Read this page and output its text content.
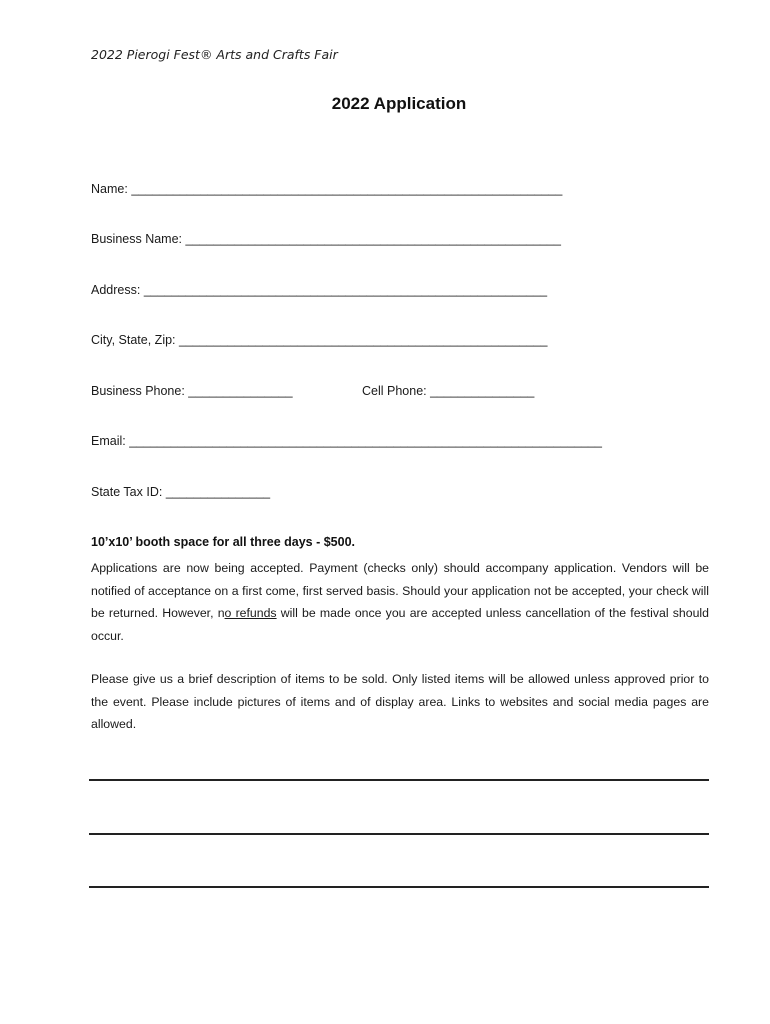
2022 Pierogi Fest® Arts and Crafts Fair
2022 Application
Name: ______________________________________________________________
Business Name: ______________________________________________________
Address: __________________________________________________________
City, State, Zip: _____________________________________________________
Business Phone: _______________	Cell Phone: _______________
Email: ____________________________________________________________________
State Tax ID: _______________
10’x10’ booth space for all three days - $500.
Applications are now being accepted. Payment (checks only) should accompany application. Vendors will be notified of acceptance on a first come, first served basis. Should your application not be accepted, your check will be returned. However, no refunds will be made once you are accepted unless cancellation of the festival should occur.
Please give us a brief description of items to be sold. Only listed items will be allowed unless approved prior to the event. Please include pictures of items and of display area. Links to websites and social media pages are allowed.
